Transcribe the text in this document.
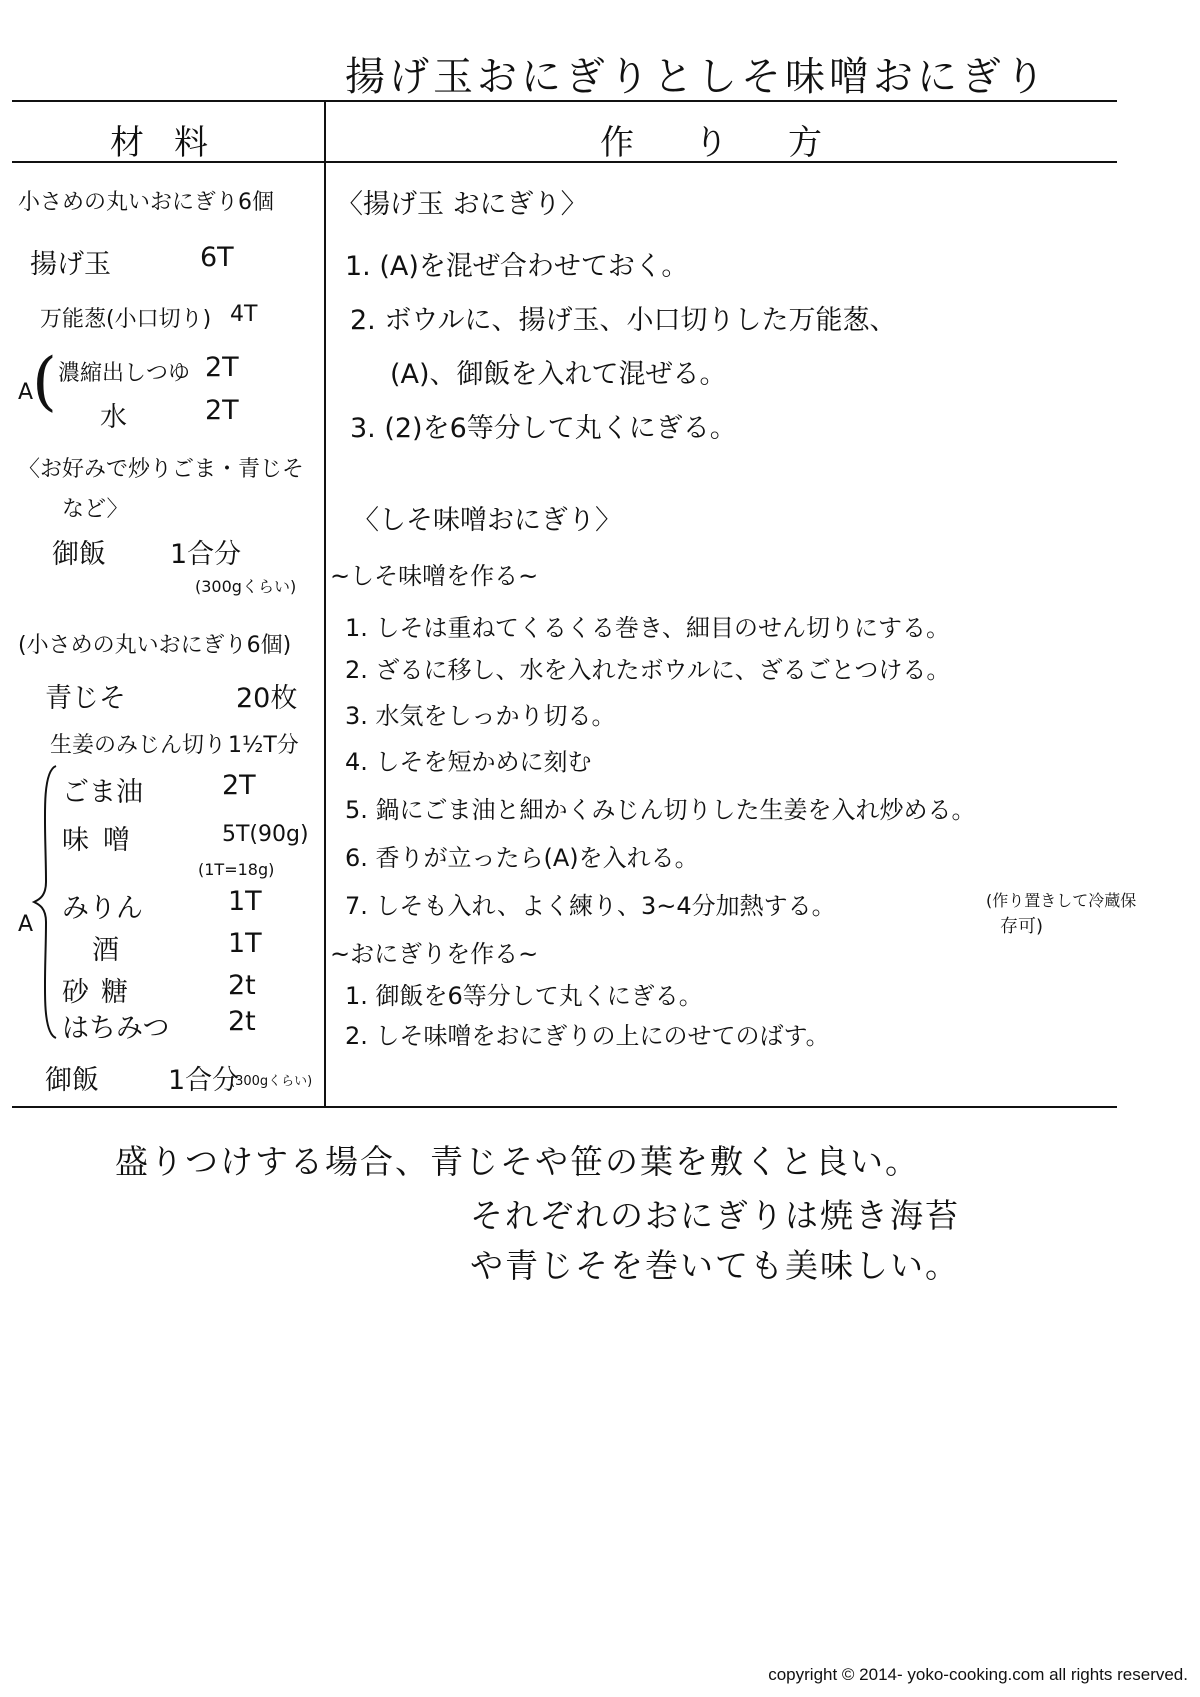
揚げ玉おにぎりとしそ味噌おにぎり
材料	作り方
小さめの丸いおにぎり6個
揚げ玉	6T
万能葱(小口切り) 4T
A
( 濃縮出しつゆ 2T
水	2T
〈お好みで炒りごま・青じそ
など〉
御飯 1合分
(300gくらい)
(小さめの丸いおにぎり6個)
青じそ	20枚
生姜のみじん切り 1½T分
A
ごま油	2T
味噌	5T(90g)
(1T=18g)
みりん	1T
酒	1T
砂糖	2t
はちみつ 2t
御飯	1合分
(300gくらい)
〈揚げ玉 おにぎり〉
1. (A)を混ぜ合わせておく。
2. ボウルに、揚げ玉、小口切りした万能葱、
(A)、御飯を入れて混ぜる。
3. (2)を6等分して丸くにぎる。
〈しそ味噌おにぎり〉
~しそ味噌を作る~
1. しそは重ねてくるくる巻き、細目のせん切りにする。
2. ざるに移し、水を入れたボウルに、ざるごとつける。
3. 水気をしっかり切る。
4. しそを短かめに刻む
5. 鍋にごま油と細かくみじん切りした生姜を入れ炒める。
6. 香りが立ったら(A)を入れる。
7. しそも入れ、よく練り、3~4分加熱する。	(作り置きして冷蔵保
存可)
~おにぎりを作る~
1. 御飯を6等分して丸くにぎる。
2. しそ味噌をおにぎりの上にのせてのばす。
盛りつけする場合、青じそや笹の葉を敷くと良い。
それぞれのおにぎりは焼き海苔
や青じそを巻いても美味しい。
copyright © 2014- yoko-cooking.com all rights reserved.
